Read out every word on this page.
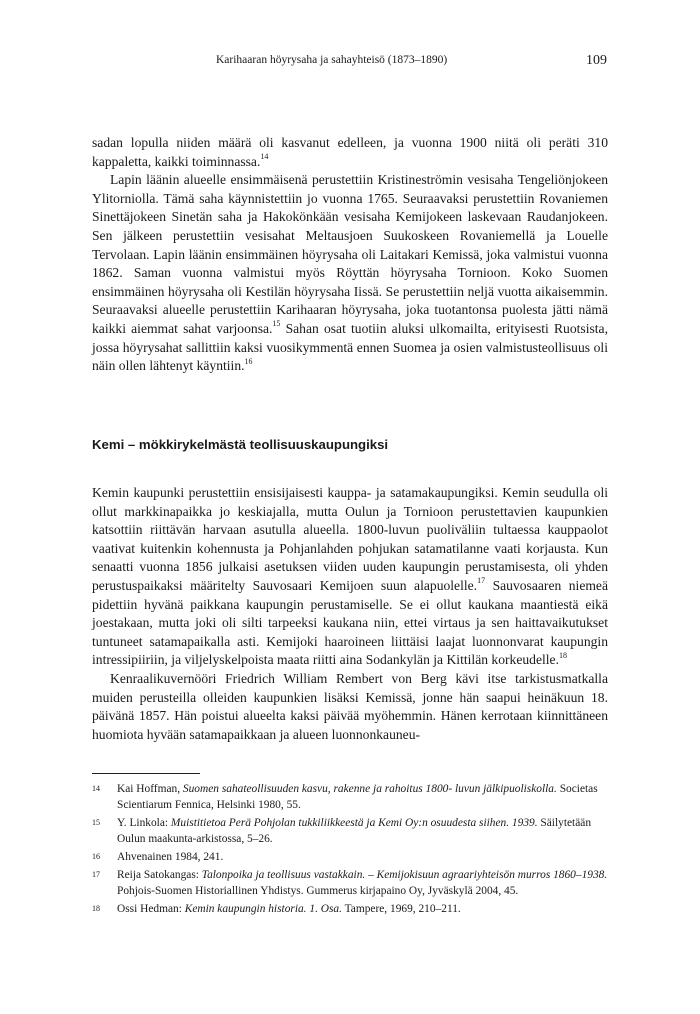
Karihaaran höyrysaha ja sahayhteisö (1873–1890)	109

sadan lopulla niiden määrä oli kasvanut edelleen, ja vuonna 1900 niitä oli peräti 310 kappaletta, kaikki toiminnassa.$^{14}$

Lapin läänin alueelle ensimmäisenä perustettiin Kristineströmin vesisaha Tengeliönjokeen Ylitorniolla. Tämä saha käynnistettiin jo vuonna 1765. Seuraavaksi perustettiin Rovaniemen Sinettäjokeen Sinetän saha ja Hakokönkään vesisaha Kemijokeen laskevaan Raudanjokeen. Sen jälkeen perustettiin vesisahat Meltausjoen Suukoskeen Rovaniemellä ja Louelle Tervolaan. Lapin läänin ensimmäinen höyrysaha oli Laitakari Kemissä, joka valmistui vuonna 1862. Saman vuonna valmistui myös Röyttän höyrysaha Tornioon. Koko Suomen ensimmäinen höyrysaha oli Kestilän höyrysaha Iissä. Se perustettiin neljä vuotta aikaisemmin. Seuraavaksi alueelle perustettiin Karihaaran höyrysaha, joka tuotantonsa puolesta jätti nämä kaikki aiemmat sahat varjoonsa.$^{15}$ Sahan osat tuotiin aluksi ulkomailta, erityisesti Ruotsista, jossa höyrysahat sallittiin kaksi vuosikymmentä ennen Suomea ja osien valmistusteollisuus oli näin ollen lähtenyt käyntiin.$^{16}$

Kemi – mökkirykelmästä teollisuuskaupungiksi

Kemin kaupunki perustettiin ensisijaisesti kauppa- ja satamakaupungiksi. Kemin seudulla oli ollut markkinapaikka jo keskiajalla, mutta Oulun ja Tornioon perustettavien kaupunkien katsottiin riittävän harvaan asutulla alueella. 1800-luvun puoliväliin tultaessa kauppaolot vaativat kuitenkin kohennusta ja Pohjanlahden pohjukan satamatilanne vaati korjausta. Kun senaatti vuonna 1856 julkaisi asetuksen viiden uuden kaupungin perustamisesta, oli yhden perustuspaikaksi määritelty Sauvosaari Kemijoen suun alapuolelle.$^{17}$ Sauvosaaren niemeä pidettiin hyvänä paikkana kaupungin perustamiselle. Se ei ollut kaukana maantiestä eikä joestakaan, mutta joki oli silti tarpeeksi kaukana niin, ettei virtaus ja sen haittavaikutukset tuntuneet satamapaikalla asti. Kemijoki haaroineen liittäisi laajat luonnonvarat kaupungin intressipiiriin, ja viljelyskelpoista maata riitti aina Sodankylän ja Kittilän korkeudelle.$^{18}$

Kenraalikuvernööri Friedrich William Rembert von Berg kävi itse tarkistusmatkalla muiden perusteilla olleiden kaupunkien lisäksi Kemissä, jonne hän saapui heinäkuun 18. päivänä 1857. Hän poistui alueelta kaksi päivää myöhemmin. Hänen kerrotaan kiinnittäneen huomiota hyvään satamapaikkaan ja alueen luonnonkauneu-

14 Kai Hoffman, Suomen sahateollisuuden kasvu, rakenne ja rahoitus 1800- luvun jälkipuoliskolla. Societas Scientiarum Fennica, Helsinki 1980, 55.
15 Y. Linkola: Muistitietoa Perä Pohjolan tukkiliikkeestä ja Kemi Oy:n osuudesta siihen. 1939. Säilytetään Oulun maakunta-arkistossa, 5–26.
16 Ahvenainen 1984, 241.
17 Reija Satokangas: Talonpoika ja teollisuus vastakkain. – Kemijokisuun agraariyhteisön murros 1860–1938. Pohjois-Suomen Historiallinen Yhdistys. Gummerus kirjapaino Oy, Jyväskylä 2004, 45.
18 Ossi Hedman: Kemin kaupungin historia. 1. Osa. Tampere, 1969, 210–211.
